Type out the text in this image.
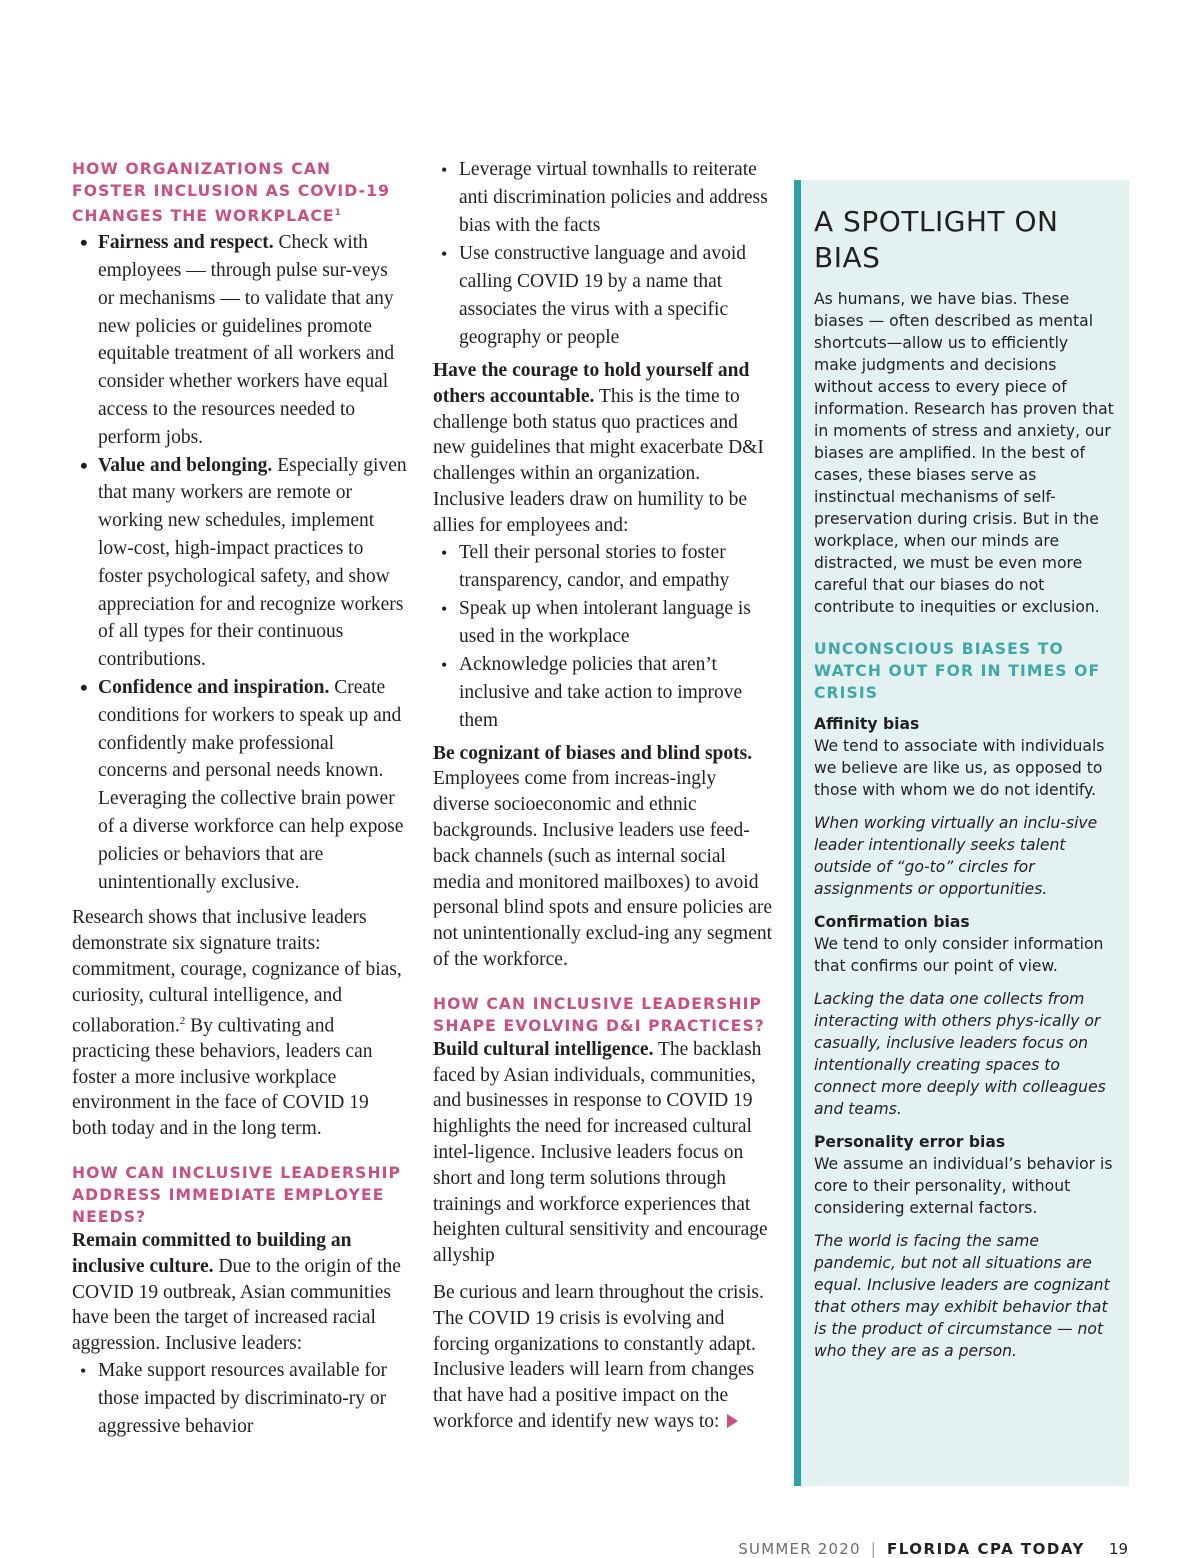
HOW ORGANIZATIONS CAN FOSTER INCLUSION AS COVID-19 CHANGES THE WORKPLACE$^1$
• Fairness and respect. Check with employees — through pulse sur-veys or mechanisms — to validate that any new policies or guidelines promote equitable treatment of all workers and consider whether workers have equal access to the resources needed to perform jobs.
• Value and belonging. Especially given that many workers are remote or working new schedules, implement low-cost, high-impact practices to foster psychological safety, and show appreciation for and recognize workers of all types for their continuous contributions.
• Confidence and inspiration. Create conditions for workers to speak up and confidently make professional concerns and personal needs known. Leveraging the collective brain power of a diverse workforce can help expose policies or behaviors that are unintentionally exclusive.

Research shows that inclusive leaders demonstrate six signature traits: commitment, courage, cognizance of bias, curiosity, cultural intelligence, and collaboration.$^2$ By cultivating and practicing these behaviors, leaders can foster a more inclusive workplace environment in the face of COVID 19 both today and in the long term.

HOW CAN INCLUSIVE LEADERSHIP ADDRESS IMMEDIATE EMPLOYEE NEEDS?

Remain committed to building an inclusive culture. Due to the origin of the COVID 19 outbreak, Asian communities have been the target of increased racial aggression. Inclusive leaders:

• Make support resources available for those impacted by discriminato-ry or aggressive behavior
• Leverage virtual townhalls to reiterate anti discrimination policies and address bias with the facts
• Use constructive language and avoid calling COVID 19 by a name that associates the virus with a specific geography or people

Have the courage to hold yourself and others accountable. This is the time to challenge both status quo practices and new guidelines that might exacerbate D&I challenges within an organization. Inclusive leaders draw on humility to be allies for employees and:

• Tell their personal stories to foster transparency, candor, and empathy
• Speak up when intolerant language is used in the workplace
• Acknowledge policies that aren’t inclusive and take action to improve them

Be cognizant of biases and blind spots. Employees come from increas-ingly diverse socioeconomic and ethnic backgrounds. Inclusive leaders use feed-back channels (such as internal social media and monitored mailboxes) to avoid personal blind spots and ensure policies are not unintentionally exclud-ing any segment of the workforce.

HOW CAN INCLUSIVE LEADERSHIP SHAPE EVOLVING D&I PRACTICES?

Build cultural intelligence. The backlash faced by Asian individuals, communities, and businesses in response to COVID 19 highlights the need for increased cultural intel-ligence. Inclusive leaders focus on short and long term solutions through trainings and workforce experiences that heighten cultural sensitivity and encourage allyship

Be curious and learn throughout the crisis. The COVID 19 crisis is evolving and forcing organizations to constantly adapt. Inclusive leaders will learn from changes that have had a positive impact on the workforce and identify new ways to:

A SPOTLIGHT ON BIAS
As humans, we have bias. These biases — often described as mental shortcuts—allow us to efficiently make judgments and decisions without access to every piece of information. Research has proven that in moments of stress and anxiety, our biases are amplified. In the best of cases, these biases serve as instinctual mechanisms of self-preservation during crisis. But in the workplace, when our minds are distracted, we must be even more careful that our biases do not contribute to inequities or exclusion.
UNCONSCIOUS BIASES TO WATCH OUT FOR IN TIMES OF CRISIS
Affinity bias
We tend to associate with individuals we believe are like us, as opposed to those with whom we do not identify.
When working virtually an inclu-sive leader intentionally seeks talent outside of “go-to” circles for assignments or opportunities.
Confirmation bias
We tend to only consider information that confirms our point of view.
Lacking the data one collects from interacting with others phys-ically or casually, inclusive leaders focus on intentionally creating spaces to connect more deeply with colleagues and teams.
Personality error bias
We assume an individual’s behavior is core to their personality, without considering external factors.
The world is facing the same pandemic, but not all situations are equal. Inclusive leaders are cognizant that others may exhibit behavior that is the product of circumstance — not who they are as a person.
SUMMER 2020 | FLORIDA CPA TODAY 19
